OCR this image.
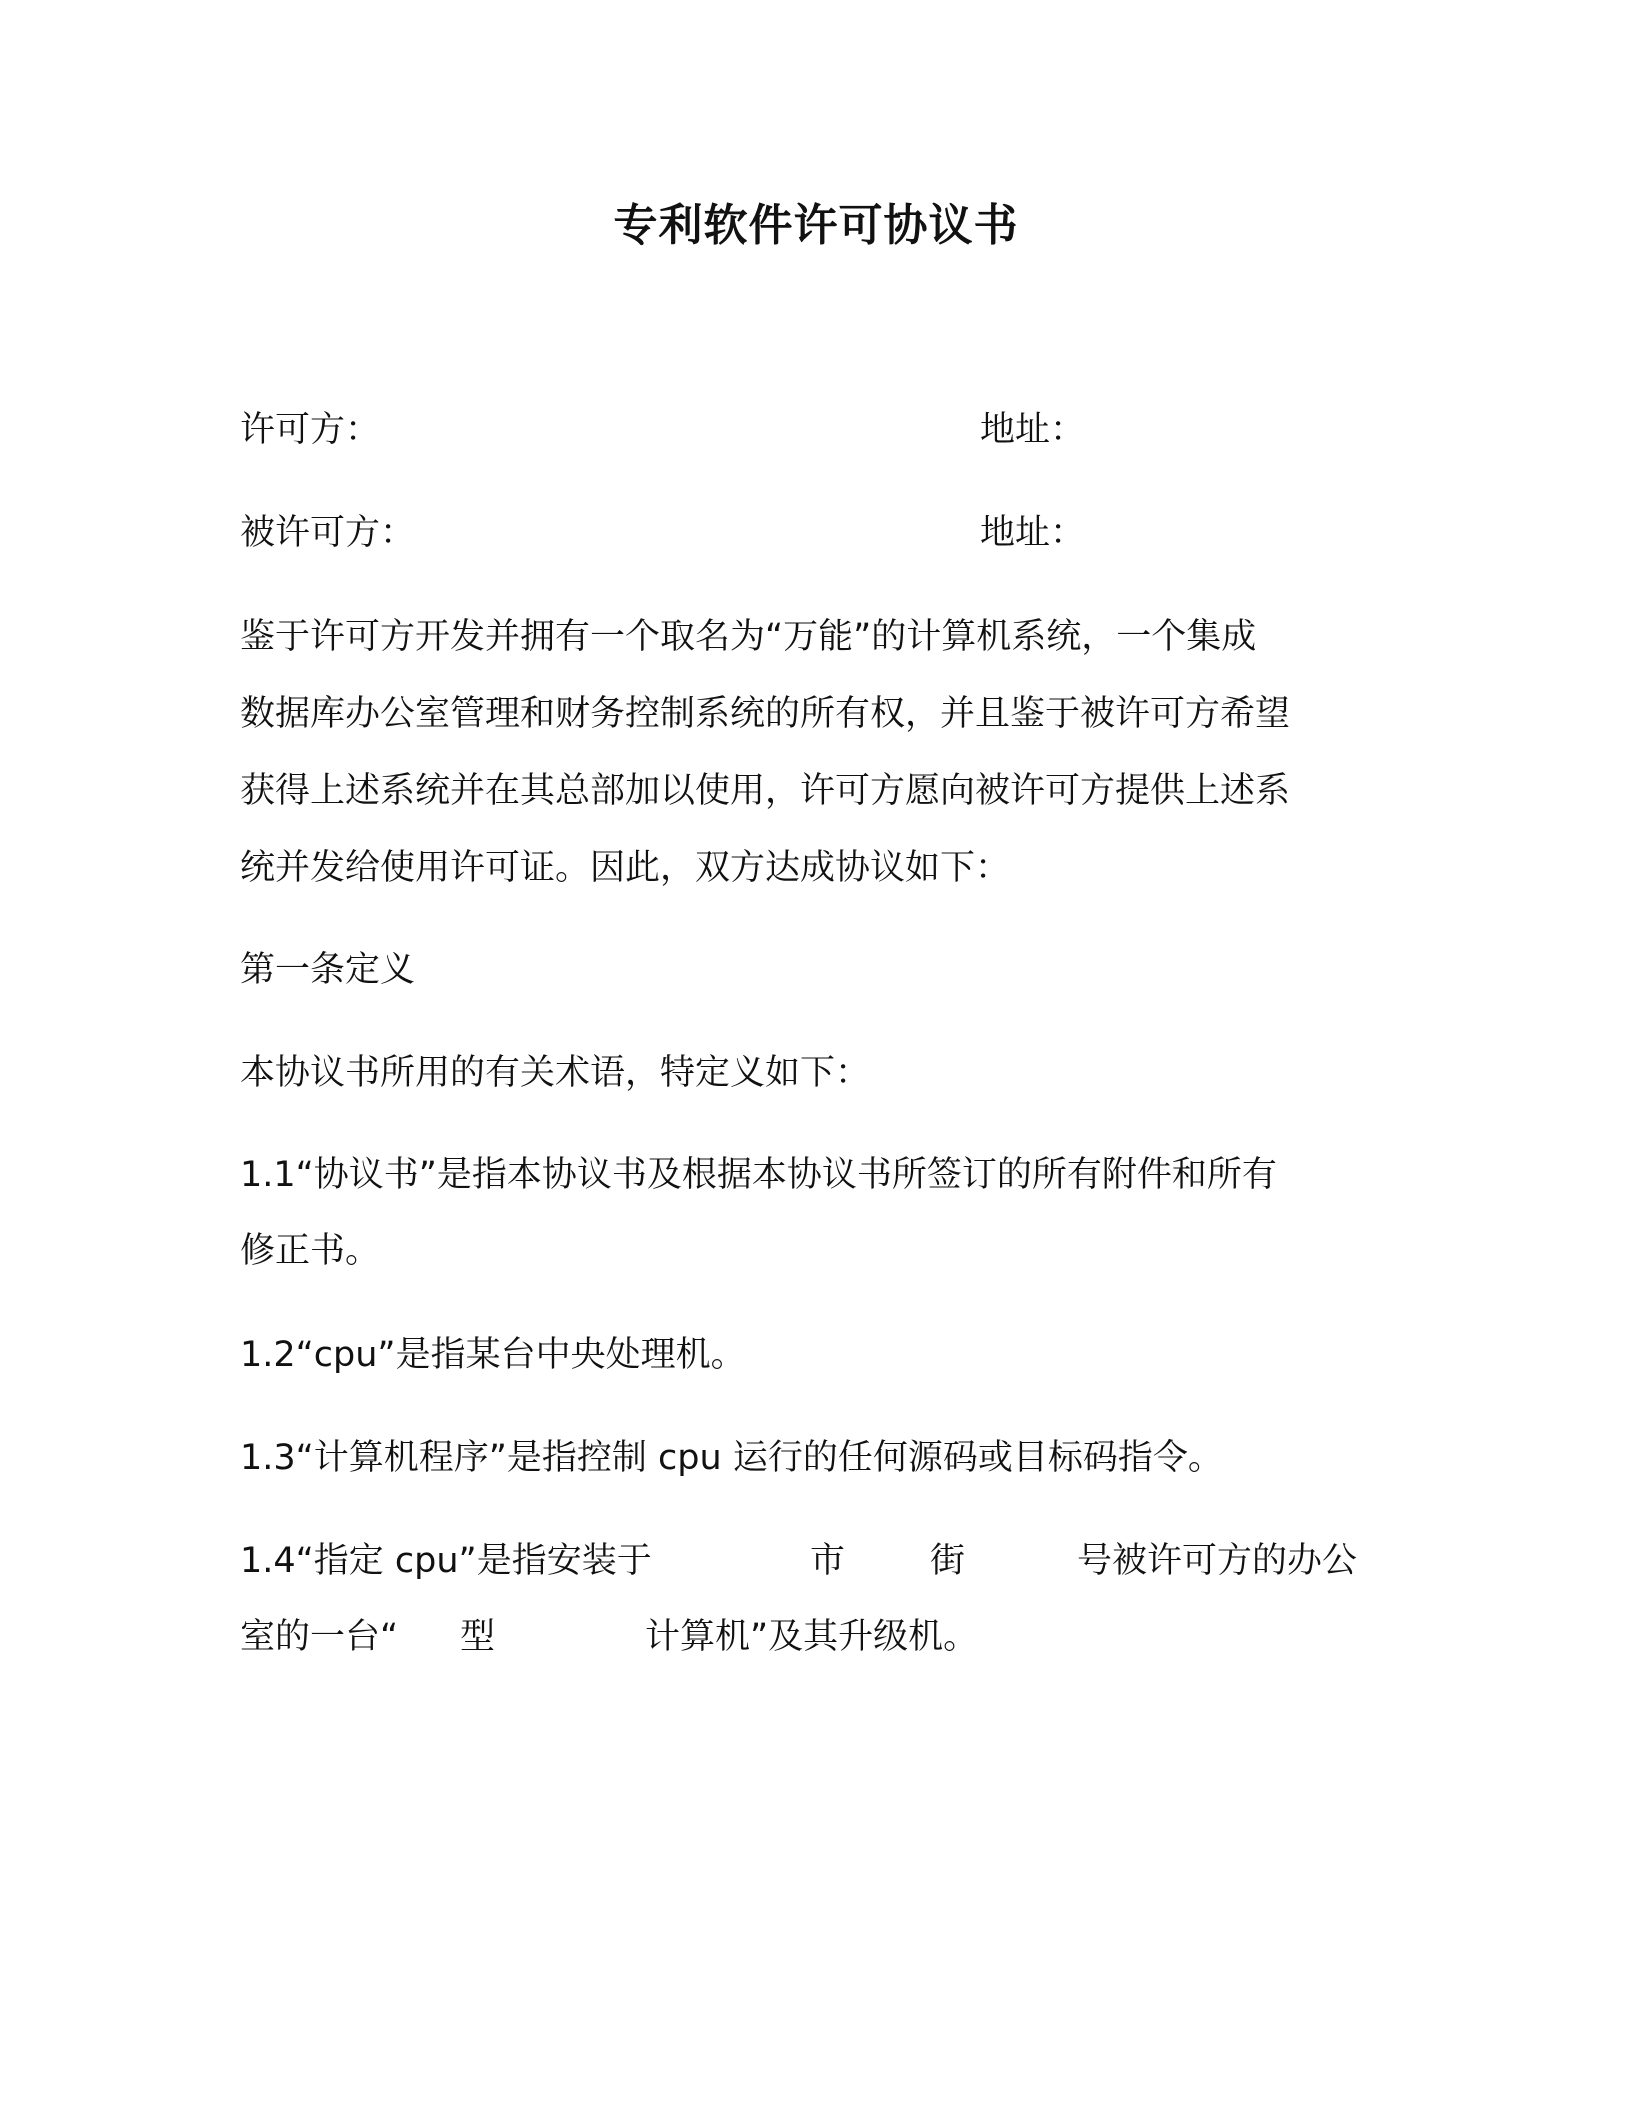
专利软件许可协议书
许可方：	地址：
被许可方：	地址：
鉴于许可方开发并拥有一个取名为“万能”的计算机系统，一个集成
数据库办公室管理和财务控制系统的所有权，并且鉴于被许可方希望
获得上述系统并在其总部加以使用，许可方愿向被许可方提供上述系
统并发给使用许可证。因此，双方达成协议如下：
第一条定义
本协议书所用的有关术语，特定义如下：
1.1“协议书”是指本协议书及根据本协议书所签订的所有附件和所有
修正书。
1.2“cpu”是指某台中央处理机。
1.3“计算机程序”是指控制 cpu 运行的任何源码或目标码指令。
1.4“指定 cpu”是指安装于	市 街	号被许可方的办公
室的一台“ 型	计算机”及其升级机。
